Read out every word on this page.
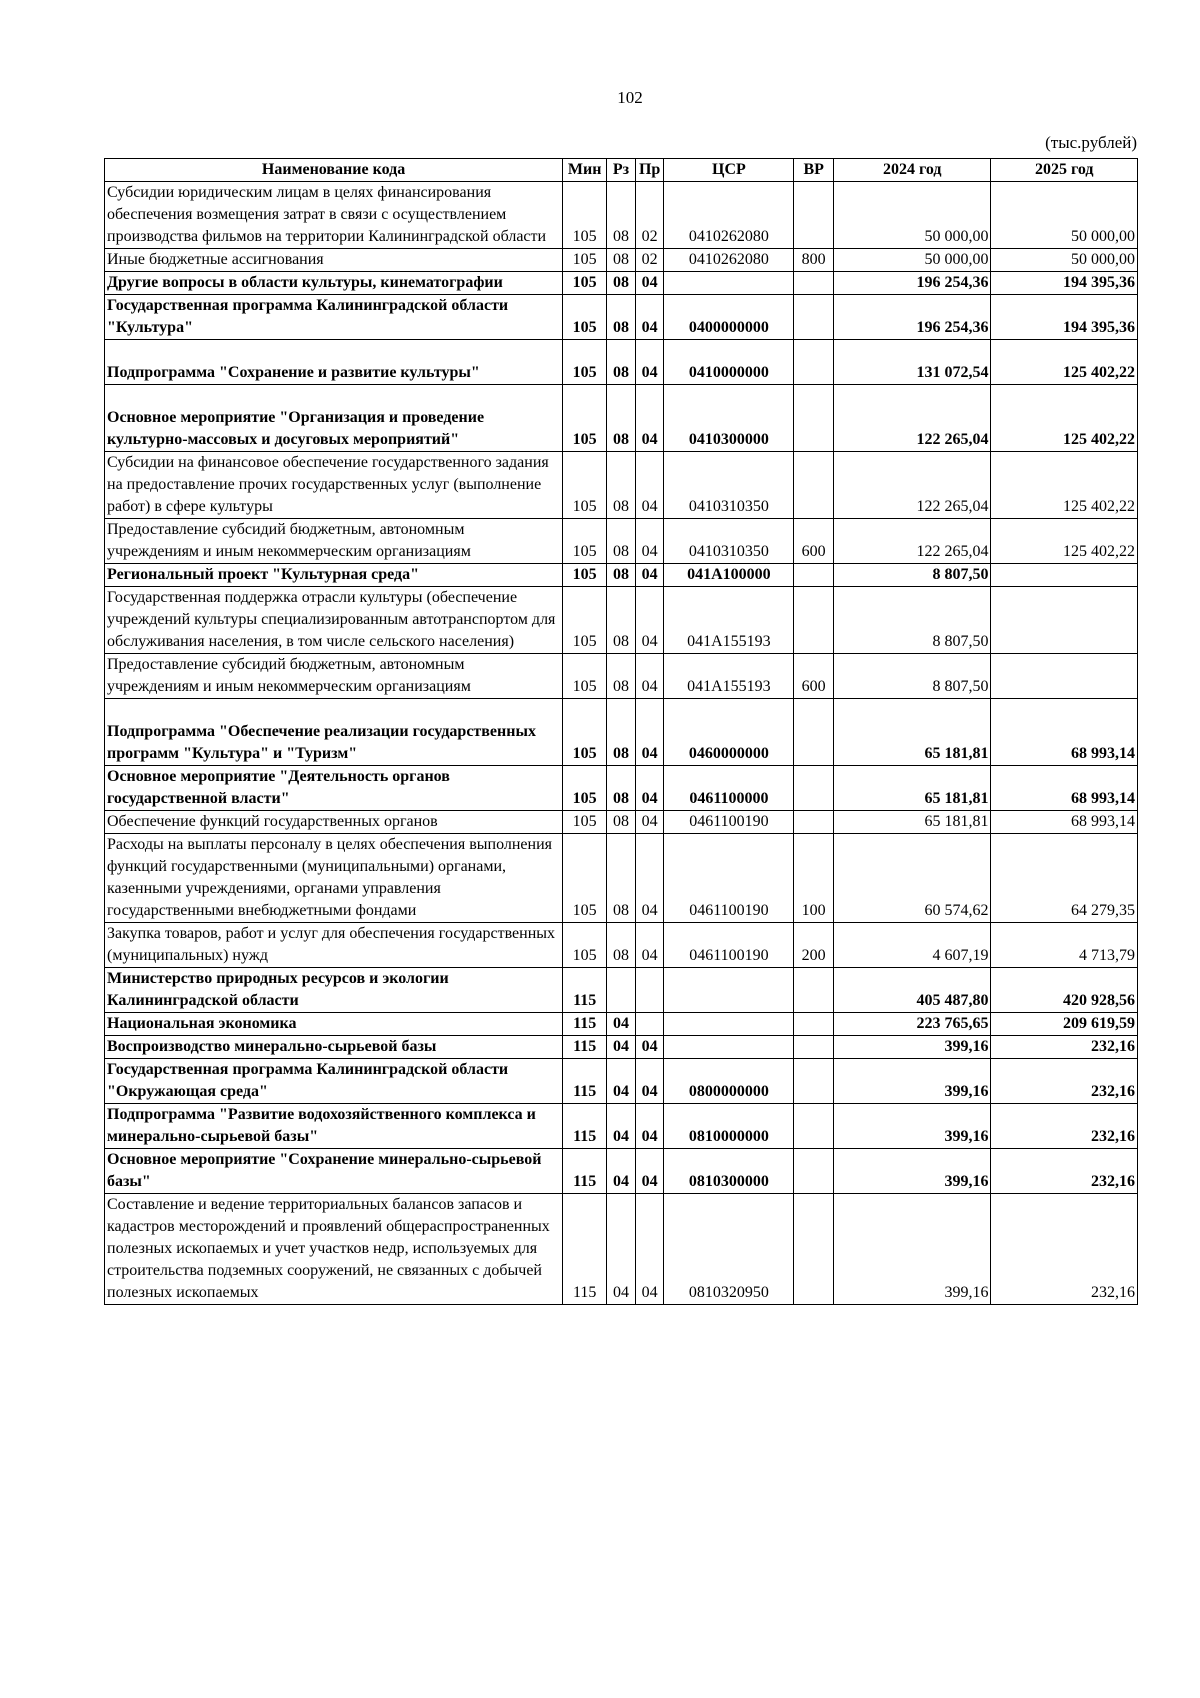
102
(тыс.рублей)
Наименование кода	Мин	Рз	Пр	ЦСР	ВР	2024 год	2025 год
Субсидии юридическим лицам в целях финансирования обеспечения возмещения затрат в связи с осуществлением производства фильмов на территории Калининградской области	105	08	02	0410262080		50 000,00	50 000,00
Иные бюджетные ассигнования	105	08	02	0410262080	800	50 000,00	50 000,00
Другие вопросы в области культуры, кинематографии	105	08	04			196 254,36	194 395,36
Государственная программа Калининградской области "Культура"	105	08	04	0400000000		196 254,36	194 395,36
Подпрограмма "Сохранение и развитие культуры"	105	08	04	0410000000		131 072,54	125 402,22
Основное мероприятие "Организация и проведение культурно-массовых и досуговых мероприятий"	105	08	04	0410300000		122 265,04	125 402,22
Субсидии на финансовое обеспечение государственного задания на предоставление прочих государственных услуг (выполнение работ) в сфере культуры	105	08	04	0410310350		122 265,04	125 402,22
Предоставление субсидий бюджетным, автономным учреждениям и иным некоммерческим организациям	105	08	04	0410310350	600	122 265,04	125 402,22
Региональный проект "Культурная среда"	105	08	04	041A100000		8 807,50	
Государственная поддержка отрасли культуры (обеспечение учреждений культуры специализированным автотранспортом для обслуживания населения, в том числе сельского населения)	105	08	04	041A155193		8 807,50	
Предоставление субсидий бюджетным, автономным учреждениям и иным некоммерческим организациям	105	08	04	041A155193	600	8 807,50	
Подпрограмма "Обеспечение реализации государственных программ "Культура" и "Туризм"	105	08	04	0460000000		65 181,81	68 993,14
Основное мероприятие "Деятельность органов государственной власти"	105	08	04	0461100000		65 181,81	68 993,14
Обеспечение функций государственных органов	105	08	04	0461100190		65 181,81	68 993,14
Расходы на выплаты персоналу в целях обеспечения выполнения функций государственными (муниципальными) органами, казенными учреждениями, органами управления государственными внебюджетными фондами	105	08	04	0461100190	100	60 574,62	64 279,35
Закупка товаров, работ и услуг для обеспечения государственных (муниципальных) нужд	105	08	04	0461100190	200	4 607,19	4 713,79
Министерство природных ресурсов и экологии Калининградской области	115					405 487,80	420 928,56
Национальная экономика	115	04				223 765,65	209 619,59
Воспроизводство минерально-сырьевой базы	115	04	04			399,16	232,16
Государственная программа Калининградской области "Окружающая среда"	115	04	04	0800000000		399,16	232,16
Подпрограмма "Развитие водохозяйственного комплекса и минерально-сырьевой базы"	115	04	04	0810000000		399,16	232,16
Основное мероприятие "Сохранение минерально-сырьевой базы"	115	04	04	0810300000		399,16	232,16
Составление и ведение территориальных балансов запасов и кадастров месторождений и проявлений общераспространенных полезных ископаемых и учет участков недр, используемых для строительства подземных сооружений, не связанных с добычей полезных ископаемых	115	04	04	0810320950		399,16	232,16
